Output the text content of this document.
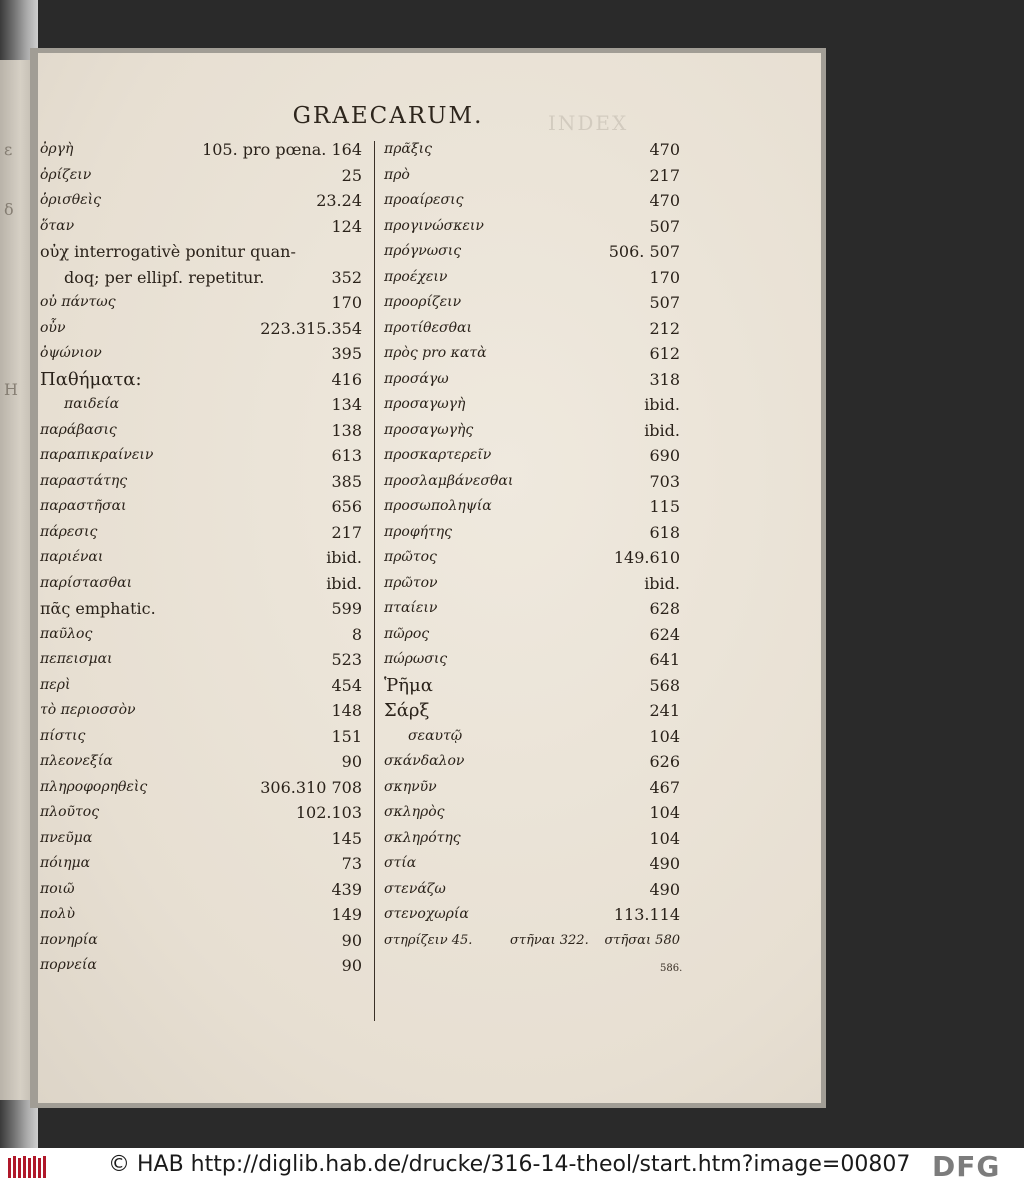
ε
δ
Η
INDEX
GRAECARUM.
ὀργὴ	105. pro pœna. 164
ὀρίζειν	25
ὁρισθεὶς	23.24
ὅταν	124
οὐχ interrogativè ponitur quan-
doq; per ellipſ. repetitur.	352
οὐ πάντως	170
οὖν	223.315.354
ὀψώνιον	395
Παθήματα:	416
παιδεία	134
παράβασις	138
παραπικραίνειν	613
παραστάτης	385
παραστῆσαι	656
πάρεσις	217
παριέναι	ibid.
παρίστασθαι	ibid.
πᾶς emphatic.	599
παῦλος	8
πεπεισμαι	523
περὶ	454
τὸ περιοσσὸν	148
πίστις	151
πλεονεξία	90
πληροφορηθεὶς	306.310 708
πλοῦτος	102.103
πνεῦμα	145
πόιημα	73
ποιῶ	439
πολὺ	149
πονηρία	90
πορνεία	90
πρᾶξις	470
πρὸ	217
προαίρεσις	470
προγινώσκειν	507
πρόγνωσις	506. 507
προέχειν	170
προορίζειν	507
προτίθεσθαι	212
πρὸς pro κατὰ	612
προσάγω	318
προσαγωγὴ	ibid.
προσαγωγὴς	ibid.
προσκαρτερεῖν	690
προσλαμβάνεσθαι	703
προσωποληψία	115
προφήτης	618
πρῶτος	149.610
πρῶτον	ibid.
πταίειν	628
πῶρος	624
πώρωσις	641
Ῥῆμα	568
Σάρξ	241
σεαυτῷ	104
σκάνδαλον	626
σκηνῦν	467
σκληρὸς	104
σκληρότης	104
στία	490
στενάζω	490
στενοχωρία	113.114
στηρίζειν 45.	στῆναι 322. στῆσαι 580
586.
© HAB http://diglib.hab.de/drucke/316-14-theol/start.htm?image=00807 DFG
